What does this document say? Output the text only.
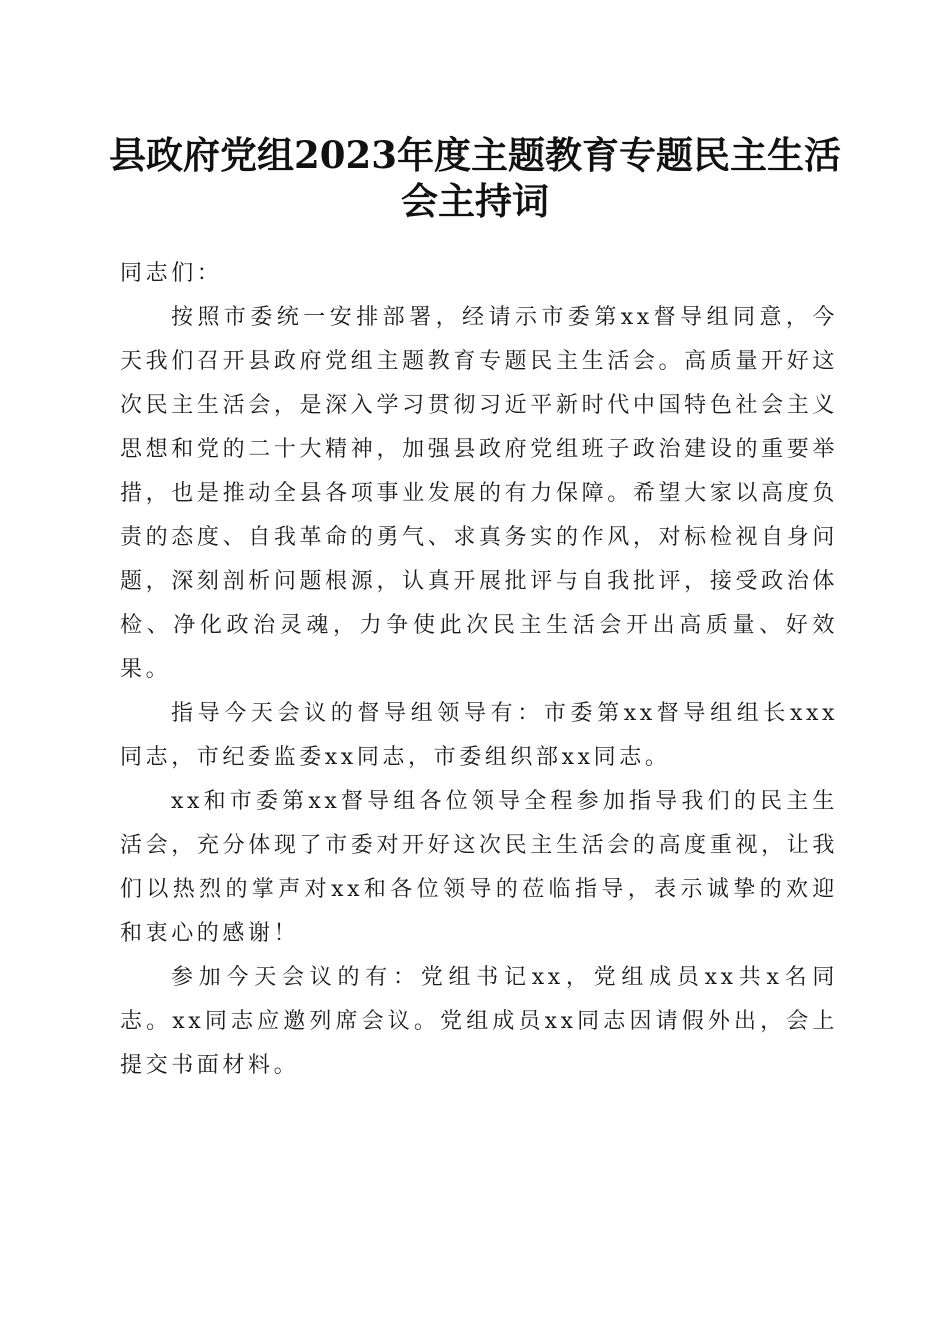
县政府党组2023年度主题教育专题民主生活
会主持词

同志们：

按照市委统一安排部署，经请示市委第xx督导组同意，今天我们召开县政府党组主题教育专题民主生活会。高质量开好这次民主生活会，是深入学习贯彻习近平新时代中国特色社会主义思想和党的二十大精神，加强县政府党组班子政治建设的重要举措，也是推动全县各项事业发展的有力保障。希望大家以高度负责的态度、自我革命的勇气、求真务实的作风，对标检视自身问题，深刻剖析问题根源，认真开展批评与自我批评，接受政治体检、净化政治灵魂，力争使此次民主生活会开出高质量、好效果。

指导今天会议的督导组领导有：市委第xx督导组组长xxx同志，市纪委监委xx同志，市委组织部xx同志。

xx和市委第xx督导组各位领导全程参加指导我们的民主生活会，充分体现了市委对开好这次民主生活会的高度重视，让我们以热烈的掌声对xx和各位领导的莅临指导，表示诚挚的欢迎和衷心的感谢！

参加今天会议的有：党组书记xx，党组成员xx共x名同志。xx同志应邀列席会议。党组成员xx同志因请假外出，会上提交书面材料。
